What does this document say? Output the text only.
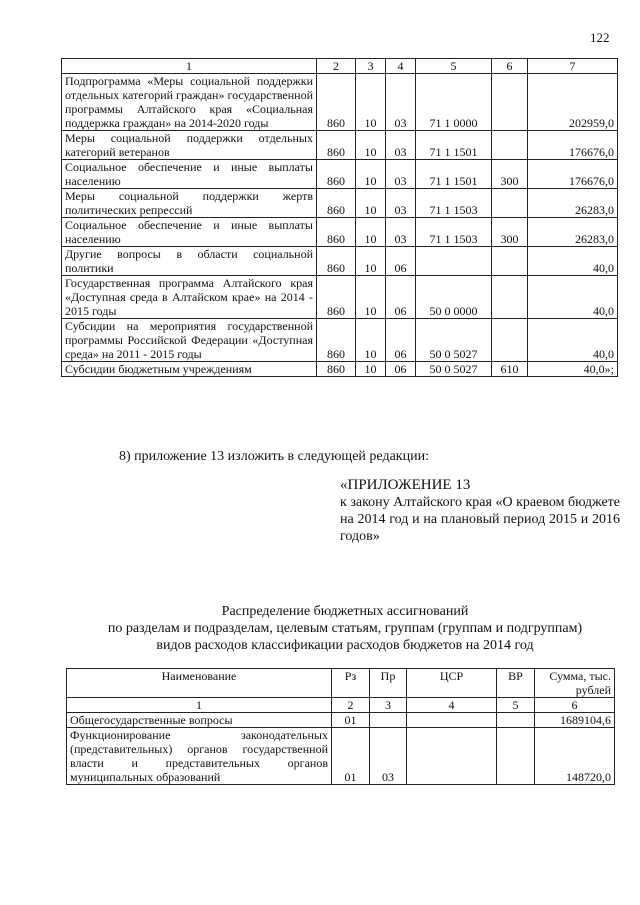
122
1	2	3	4	5	6	7
Подпрограмма «Меры социальной поддержки отдельных категорий граждан» государственной программы Алтайского края «Социальная поддержка граждан» на 2014-2020 годы	860	10	03	71 1 0000		202959,0
Меры социальной поддержки отдельных категорий ветеранов	860	10	03	71 1 1501		176676,0
Социальное обеспечение и иные выплаты населению	860	10	03	71 1 1501	300	176676,0
Меры социальной поддержки жертв политических репрессий	860	10	03	71 1 1503		26283,0
Социальное обеспечение и иные выплаты населению	860	10	03	71 1 1503	300	26283,0
Другие вопросы в области социальной политики	860	10	06			40,0
Государственная программа Алтайского края «Доступная среда в Алтайском крае» на 2014 - 2015 годы	860	10	06	50 0 0000		40,0
Субсидии на мероприятия государственной программы Российской Федерации «Доступная среда» на 2011 - 2015 годы	860	10	06	50 0 5027		40,0
Субсидии бюджетным учреждениям	860	10	06	50 0 5027	610	40,0»;
8) приложение 13 изложить в следующей редакции:
«ПРИЛОЖЕНИЕ 13
к закону Алтайского края «О краевом бюджете на 2014 год и на плановый период 2015 и 2016 годов»
Распределение бюджетных ассигнований
по разделам и подразделам, целевым статьям, группам (группам и подгруппам)
видов расходов классификации расходов бюджетов на 2014 год
Наименование	Рз	Пр	ЦСР	ВР	Сумма, тыс. рублей
1	2	3	4	5	6
Общегосударственные вопросы	01				1689104,6
Функционирование законодательных (представительных) органов государственной власти и представительных органов муниципальных образований	01	03			148720,0
